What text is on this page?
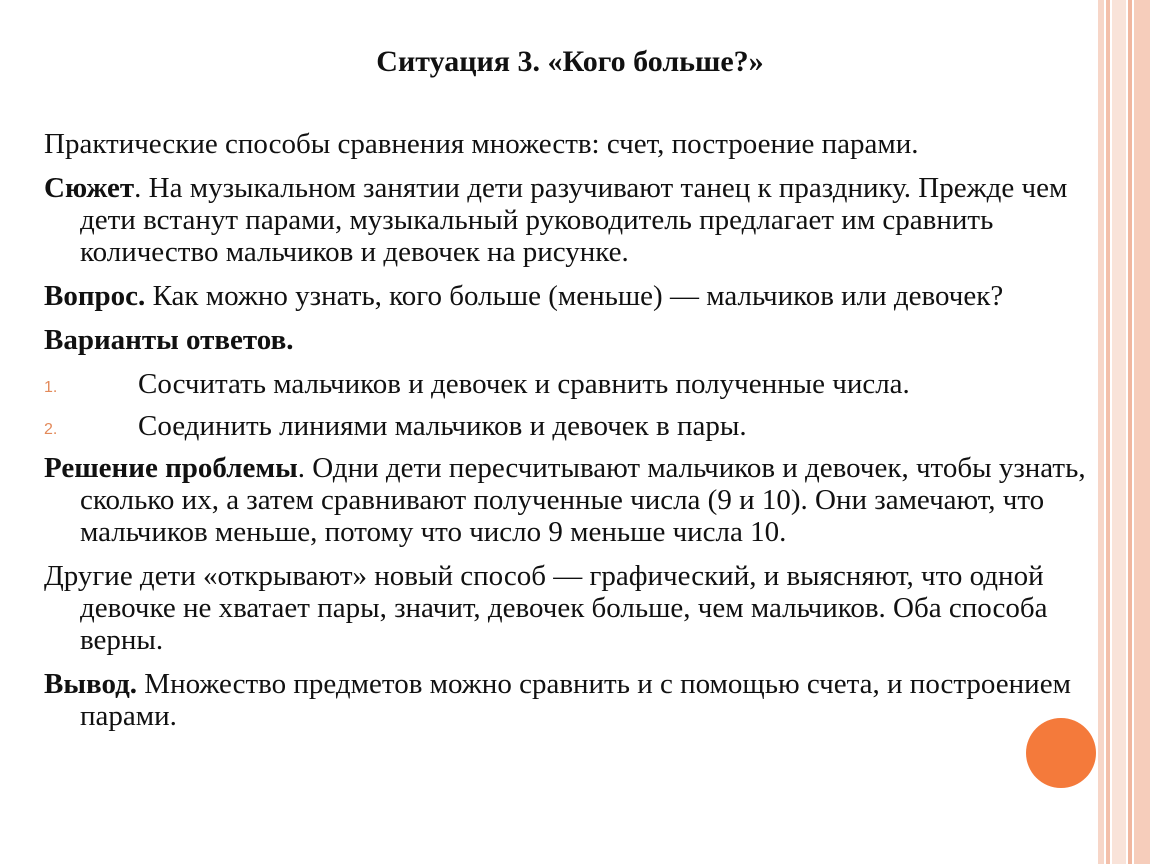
Ситуация 3. «Кого больше?»

Практические способы сравнения множеств: счет, построение парами.

Сюжет. На музыкальном занятии дети разучивают танец к празднику. Прежде чем дети встанут парами, музыкальный руководитель предлагает им сравнить количество мальчиков и девочек на рисунке.

Вопрос. Как можно узнать, кого больше (меньше) — мальчиков или девочек?

Варианты ответов.

1.	Сосчитать мальчиков и девочек и сравнить полученные числа.
2.	Соединить линиями мальчиков и девочек в пары.

Решение проблемы. Одни дети пересчитывают мальчиков и девочек, чтобы узнать, сколько их, а затем сравнивают полученные числа (9 и 10). Они замечают, что мальчиков меньше, потому что число 9 меньше числа 10.

Другие дети «открывают» новый способ — графический, и выясняют, что одной девочке не хватает пары, значит, девочек больше, чем мальчиков. Оба способа верны.

Вывод. Множество предметов можно сравнить и с помощью счета, и построением парами.
